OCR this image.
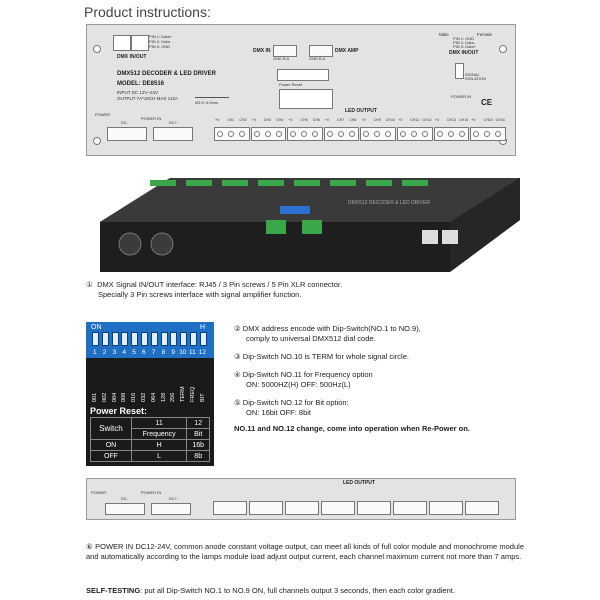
Product instructions:
PIN 1: Data+
PIN 2: Data-
PIN 3: GND
DMX IN/OUT
DMX512 DECODER & LED DRIVER
MODEL: DE8516
INPUT DC 12V~24V
OUTPUT 7A*16CH MAX 112A
Ø3.5~4.5mm
DMX IN
GND B A
DMX AMP
GND B A
Power Reset
Male	Female
PIN 1: GND
PIN 2: Data-
PIN 3: Data+
DMX IN/OUT
SIGNAL ISOLATION
POWER IN
CE
POWER
POWER IN
DC-	DC+
LED OUTPUT
+V CH1 CH2 +V CH3 CH4 +V CH5 CH6 +V CH7 CH8 +V CH9 CH10 +V CH11 CH12 +V CH13 CH14 +V CH15 CH16
DMX512 DECODER & LED DRIVER
① DMX Signal IN/OUT interface: RJ45 / 3 Pin screws / 5 Pin XLR connector.
Specially 3 Pin screws interface with signal amplifier function.
ON	H
1 2 3 4 5 6 7 8 9 10 11 12
001 002 004 008 016 032 064 128 256 TERM FREQ BIT
Power Reset:
Switch	11	12
	Frequency	Bit
ON	H	16b
OFF	L	8b
② DMX address encode with Dip-Switch(NO.1 to NO.9),
comply to universal DMX512 dial code.
③ Dip-Switch NO.10 is TERM for whole signal circle.
④ Dip-Switch NO.11 for Frequency option
ON: 5000HZ(H) OFF: 500Hz(L)
⑤ Dip-Switch NO.12 for Bit option:
ON: 16bit OFF: 8bit
NO.11 and NO.12 change, come into operation when Re-Power on.
POWER	POWER IN
DC-	DC+
LED OUTPUT
⑥ POWER IN DC12-24V, common anode constant voltage output, can meet all kinds of full color module and monochrome module and automatically according to the lamps module load adjust output current, each channel maximum current not more than 7 amps.
SELF-TESTING: put all Dip-Switch NO.1 to NO.9 ON, full channels output 3 seconds, then each color gradient.
